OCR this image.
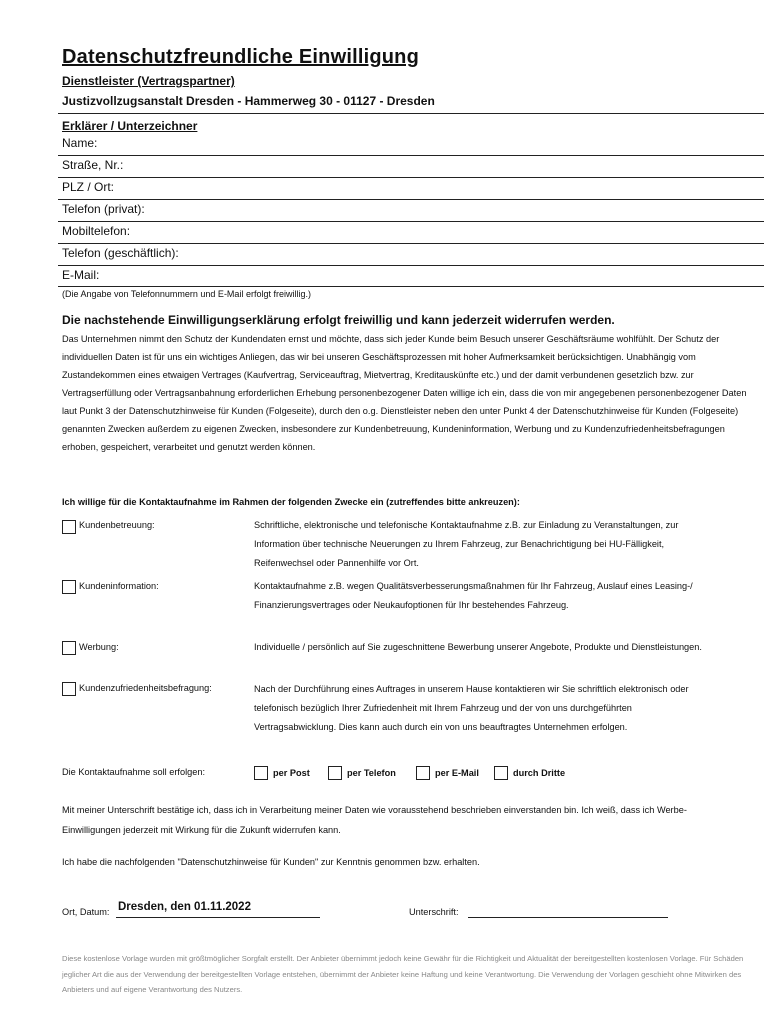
Datenschutzfreundliche Einwilligung
Dienstleister (Vertragspartner)
Justizvollzugsanstalt Dresden - Hammerweg 30 - 01127 - Dresden
Erklärer / Unterzeichner
Name:
Straße, Nr.:
PLZ / Ort:
Telefon (privat):
Mobiltelefon:
Telefon (geschäftlich):
E-Mail:
(Die Angabe von Telefonnummern und E-Mail erfolgt freiwillig.)
Die nachstehende Einwilligungserklärung erfolgt freiwillig und kann jederzeit widerrufen werden.
Das Unternehmen nimmt den Schutz der Kundendaten ernst und möchte, dass sich jeder Kunde beim Besuch unserer Geschäftsräume wohlfühlt. Der Schutz der individuellen Daten ist für uns ein wichtiges Anliegen, das wir bei unseren Geschäftsprozessen mit hoher Aufmerksamkeit berücksichtigen. Unabhängig vom Zustandekommen eines etwaigen Vertrages (Kaufvertrag, Serviceauftrag, Mietvertrag, Kreditauskünfte etc.) und der damit verbundenen gesetzlich bzw. zur Vertragserfüllung oder Vertragsanbahnung erforderlichen Erhebung personenbezogener Daten willige ich ein, dass die von mir angegebenen personenbezogener Daten laut Punkt 3 der Datenschutzhinweise für Kunden (Folgeseite), durch den o.g. Dienstleister neben den unter Punkt 4 der Datenschutzhinweise für Kunden (Folgeseite) genannten Zwecken außerdem zu eigenen Zwecken, insbesondere zur Kundenbetreuung, Kundeninformation, Werbung und zu Kundenzufriedenheitsbefragungen erhoben, gespeichert, verarbeitet und genutzt werden können.
Ich willige für die Kontaktaufnahme im Rahmen der folgenden Zwecke ein (zutreffendes bitte ankreuzen):
Kundenbetreuung:	Schriftliche, elektronische und telefonische Kontaktaufnahme z.B. zur Einladung zu Veranstaltungen, zur Information über technische Neuerungen zu Ihrem Fahrzeug, zur Benachrichtigung bei HU-Fälligkeit, Reifenwechsel oder Pannenhilfe vor Ort.
Kundeninformation:	Kontaktaufnahme z.B. wegen Qualitätsverbesserungsmaßnahmen für Ihr Fahrzeug, Auslauf eines Leasing-/ Finanzierungsvertrages oder Neukaufoptionen für Ihr bestehendes Fahrzeug.
Werbung:	Individuelle / persönlich auf Sie zugeschnittene Bewerbung unserer Angebote, Produkte und Dienstleistungen.
Kundenzufriedenheitsbefragung:	Nach der Durchführung eines Auftrages in unserem Hause kontaktieren wir Sie schriftlich elektronisch oder telefonisch bezüglich Ihrer Zufriedenheit mit Ihrem Fahrzeug und der von uns durchgeführten Vertragsabwicklung. Dies kann auch durch ein von uns beauftragtes Unternehmen erfolgen.
Die Kontaktaufnahme soll erfolgen:	per Post	per Telefon	per E-Mail	durch Dritte
Mit meiner Unterschrift bestätige ich, dass ich in Verarbeitung meiner Daten wie vorausstehend beschrieben einverstanden bin. Ich weiß, dass ich Werbe-Einwilligungen jederzeit mit Wirkung für die Zukunft widerrufen kann.
Ich habe die nachfolgenden "Datenschutzhinweise für Kunden" zur Kenntnis genommen bzw. erhalten.
Ort, Datum: Dresden, den 01.11.2022	Unterschrift:
Diese kostenlose Vorlage wurden mit größtmöglicher Sorgfalt erstellt. Der Anbieter übernimmt jedoch keine Gewähr für die Richtigkeit und Aktualität der bereitgestellten kostenlosen Vorlage. Für Schäden jeglicher Art die aus der Verwendung der bereitgestellten Vorlage entstehen, übernimmt der Anbieter keine Haftung und keine Verantwortung. Die Verwendung der Vorlagen geschieht ohne Mitwirken des Anbieters und auf eigene Verantwortung des Nutzers.
